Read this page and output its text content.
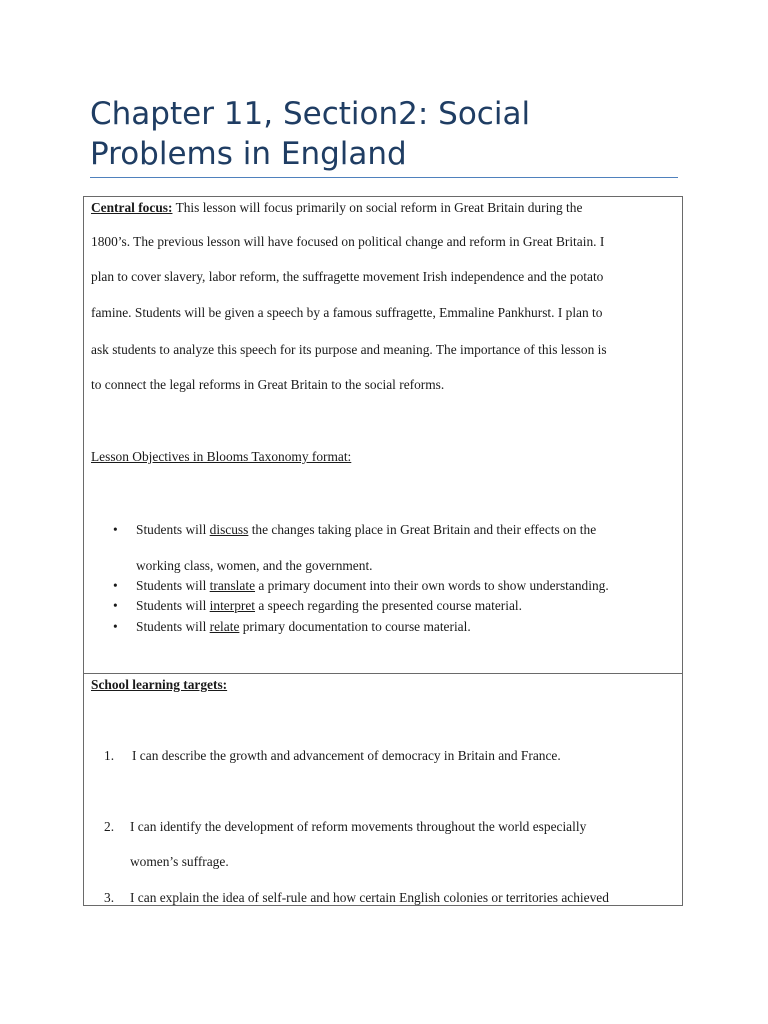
Chapter 11, Section2: Social
Problems in England
Central focus: This lesson will focus primarily on social reform in Great Britain during the
1800’s. The previous lesson will have focused on political change and reform in Great Britain. I
plan to cover slavery, labor reform, the suffragette movement Irish independence and the potato
famine. Students will be given a speech by a famous suffragette, Emmaline Pankhurst. I plan to
ask students to analyze this speech for its purpose and meaning. The importance of this lesson is
to connect the legal reforms in Great Britain to the social reforms.
Lesson Objectives in Blooms Taxonomy format:
• Students will discuss the changes taking place in Great Britain and their effects on the
working class, women, and the government.
• Students will translate a primary document into their own words to show understanding.
• Students will interpret a speech regarding the presented course material.
• Students will relate primary documentation to course material.
School learning targets:
1. I can describe the growth and advancement of democracy in Britain and France.
2. I can identify the development of reform movements throughout the world especially
women’s suffrage.
3. I can explain the idea of self-rule and how certain English colonies or territories achieved
